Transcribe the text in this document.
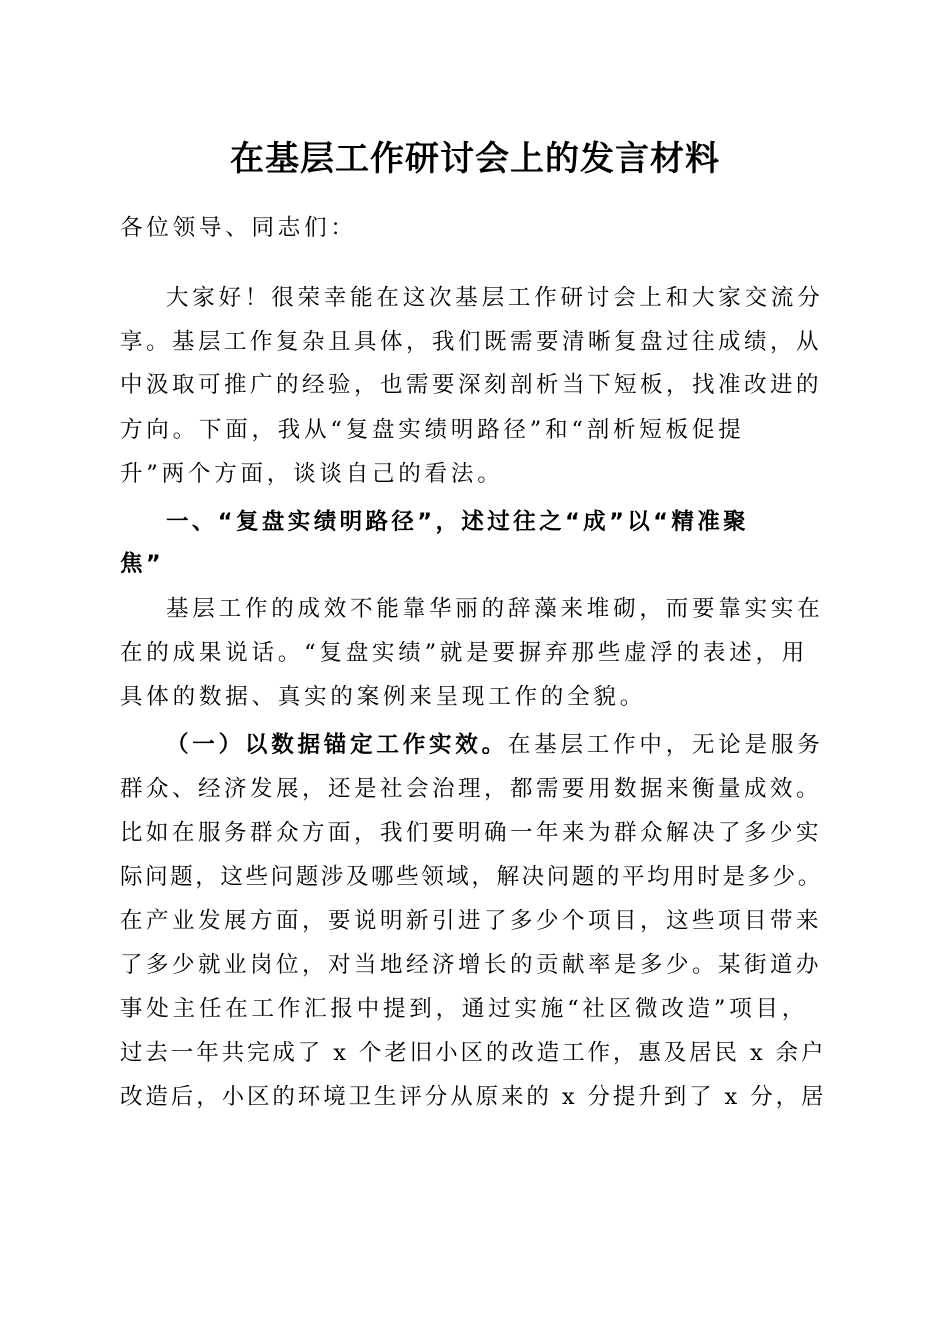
在基层工作研讨会上的发言材料
各位领导、同志们：
大家好！很荣幸能在这次基层工作研讨会上和大家交流分
享。基层工作复杂且具体，我们既需要清晰复盘过往成绩，从
中汲取可推广的经验，也需要深刻剖析当下短板，找准改进的
方向。下面，我从“复盘实绩明路径”和“剖析短板促提
升”两个方面，谈谈自己的看法。
一、“复盘实绩明路径”，述过往之“成”以“精准聚
焦”
基层工作的成效不能靠华丽的辞藻来堆砌，而要靠实实在
在的成果说话。“复盘实绩”就是要摒弃那些虚浮的表述，用
具体的数据、真实的案例来呈现工作的全貌。
（一）以数据锚定工作实效。在基层工作中，无论是服务
群众、经济发展，还是社会治理，都需要用数据来衡量成效。
比如在服务群众方面，我们要明确一年来为群众解决了多少实
际问题，这些问题涉及哪些领域，解决问题的平均用时是多少。
在产业发展方面，要说明新引进了多少个项目，这些项目带来
了多少就业岗位，对当地经济增长的贡献率是多少。某街道办
事处主任在工作汇报中提到，通过实施“社区微改造”项目，
过去一年共完成了 x 个老旧小区的改造工作，惠及居民 x 余户
改造后，小区的环境卫生评分从原来的 x 分提升到了 x 分，居
